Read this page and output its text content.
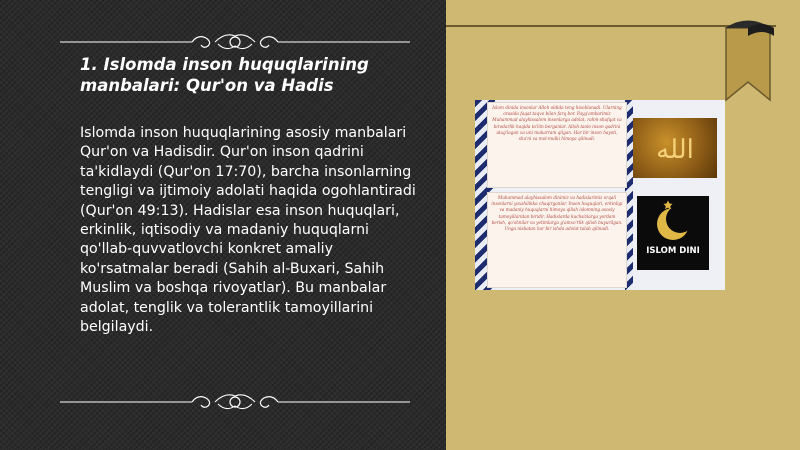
1. Islomda inson huquqlarining manbalari: Qur'on va Hadis
Islomda inson huquqlarining asosiy manbalari Qur'on va Hadisdir. Qur'on inson qadrini ta'kidlaydi (Qur'on 17:70), barcha insonlarning tengligi va ijtimoiy adolati haqida ogohlantiradi (Qur'on 49:13). Hadislar esa inson huquqlari, erkinlik, iqtisodiy va madaniy huquqlarni qo'llab-quvvatlovchi konkret amaliy ko'rsatmalar beradi (Sahih al-Buxari, Sahih Muslim va boshqa rivoyatlar). Bu manbalar adolat, tenglik va tolerantlik tamoyillarini belgilaydi.
Islom dinida insonlar Alloh oldida teng hisoblanadi. Ularning orasida faqat taqvo bilan farq bor. Payg'ambarimiz Muhammad alayhissalom insonlarga adolat, rahm-shafqat va birodarlik haqida ta'lim berganlar. Alloh taolo inson qadrini ulug'lagan va uni mukarram qilgan. Har bir inson hayoti, sha'ni va mol-mulki himoya qilinadi.
Muhammad alayhissalom dinimiz va hadislarimiz orqali insonlarni yaxshilikka chaqirganlar. Inson huquqlari, erkinligi va madaniy huquqlarni himoya qilish islomning asosiy tamoyillaridan biridir. Hadislarda kuchsizlarga yordam berish, qo'shnilar va yetimlarga g'amxo'rlik qilish buyurilgan. Unga nisbatan har bir ishda adolat talab qilinadi.
الله
ISLOM DINI
